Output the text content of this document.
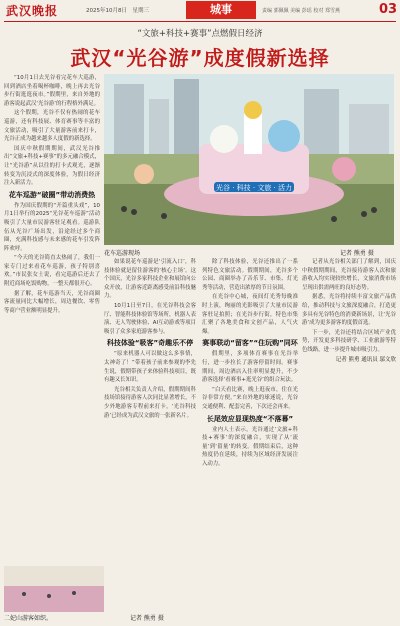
武汉晚报	2025年10月8日　星期三	城事	责编 郭佩佩 美编 彭瑶 校对 郑雪燕	03
“文旅+科技+赛事”点燃假日经济
武汉“光谷游”成度假新选择

“10月1日去光谷看完花车大巡游，回到酒店坐着喝杯咖啡，晚上再去光谷步行街逛逛夜市。”假期里，来自外地的游客说起武汉‘光谷游’的行程格外满足。

这个假期，光谷不仅有热闹的花车巡游，还有科技展、体育赛事等丰富的文旅活动，吸引了大量游客前来打卡，光谷正成为越来越多人度假的新选择。

国庆中秋假期期间，武汉光谷推出“文旅+科技+赛事”的多元融合模式，让“光谷游”从以往的打卡式观光，逐渐转变为沉浸式的深度体验，为假日经济注入新活力。

花车巡游“破圈”带动消费热

作为国庆假期的“开篇重头戏”，10月1日举行的2025“光谷花车巡游”活动吸引了大量市民游客驻足观看。巡游队伍从光谷广场出发，沿途经过多个商圈，充满科技感与未来感的花车引发阵阵欢呼。

“今天的光谷简直太热闹了，我们一家专门过来看花车巡游，孩子特别喜欢。”市民张女士说，看完巡游后还去了附近商场吃饭购物，一整天都很开心。

据了解，花车巡游当天，光谷商圈客流量同比大幅增长，周边餐饮、零售等商户营业额明显提升。

光谷 · 科技 · 文旅 · 活力
花车巡游现场	记者 熊勇 摄

如果说花车巡游是‘引流入口’，科技体验就是留住游客的‘核心主场’。这个国庆，光谷多家科技企业和展馆向公众开放，让游客近距离感受前沿科技魅力。

10月1日至7日，在光谷科技会客厅、智能科技体验馆等场所，机器人表演、无人驾驶体验、AI互动游戏等项目吸引了众多家庭游客参与。

科技体验“吸客”奇趣乐不停

“原来机器人可以做这么多事情，太神奇了！”带着孩子前来参观的李先生说，假期带孩子来体验科技项目，既有趣又长知识。

光谷相关负责人介绍，假期期间科技场馆接待游客人次同比显著增长，不少外地游客专程前来打卡，‘光谷科技游’已经成为武汉文旅的一张新名片。

除了科技体验，光谷还推出了一系列特色文旅活动。假期期间，光谷多个公园、商圈举办了音乐节、市集、灯光秀等活动，营造出浓厚的节日氛围。

在光谷中心城，夜间灯光秀每晚准时上演，绚丽的光影吸引了大量市民游客驻足拍照；在光谷步行街，特色市集汇聚了各地美食和文创产品，人气火爆。

赛事联动“留客”“住玩购”同环

假期里，多项体育赛事在光谷举行，进一步拉长了游客停留时间。赛事期间，周边酒店入住率明显提升，不少游客选择‘看赛事+逛光谷’的组合玩法。

“白天看比赛，晚上逛夜市，住在光谷非常方便。”来自外地的球迷说，光谷交通便利、配套完善，下次还会再来。

长尾效应显现热度“不落幕”

业内人士表示，光谷通过‘文旅+科技+赛事’的深度融合，实现了从‘流量’到‘留量’的转变。假期结束后，这种热度仍在延续，持续为区域经济发展注入动力。

记者从光谷相关部门了解到，国庆中秋假期期间，光谷接待游客人次和旅游收入均实现较快增长，文旅消费市场呈现出供需两旺的良好态势。

据悉，光谷将持续丰富文旅产品供给，推动科技与文旅深度融合，打造更多具有光谷特色的消费新场景，让‘光谷游’成为更多游客的度假首选。

下一步，光谷还将结合区域产业优势，开发更多科技研学、工业旅游等特色线路，进一步提升城市吸引力。

记者 熊勇 通讯员 邬文欣
二妃山游客如织。	记者 熊勇 摄
